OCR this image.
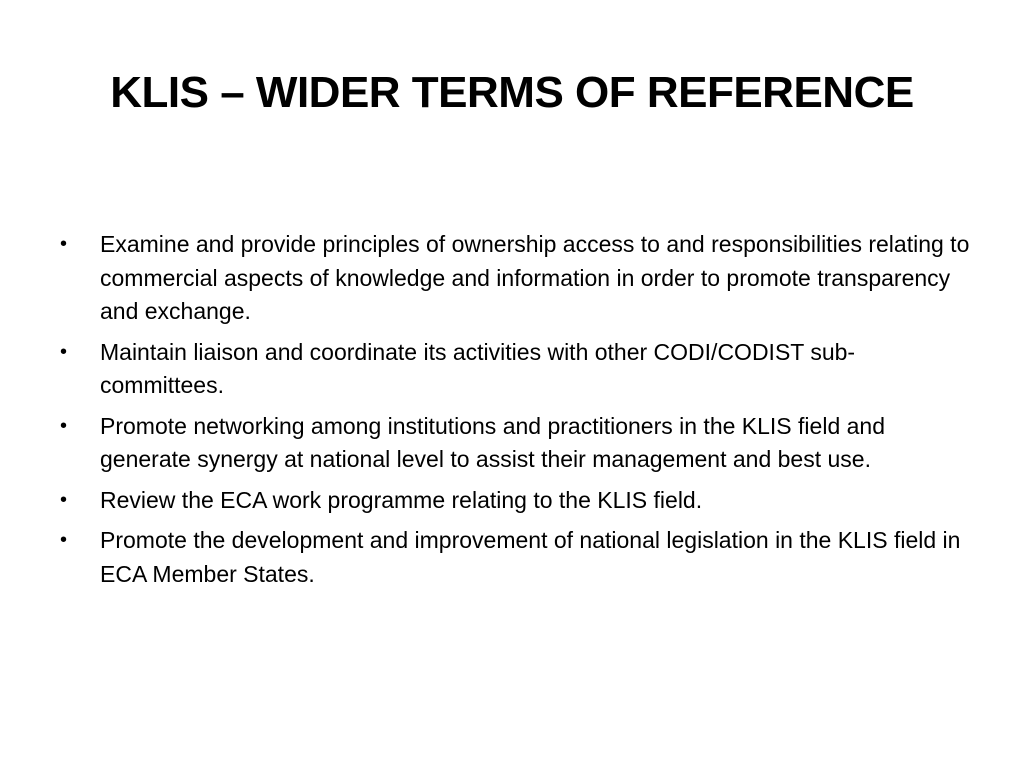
KLIS – WIDER TERMS OF REFERENCE
•	Examine and provide principles of ownership access to and responsibilities relating to commercial aspects of knowledge and information in order to promote transparency and exchange.
•	Maintain liaison and coordinate its activities with other CODI/CODIST sub-committees.
•	Promote networking among institutions and practitioners in the KLIS field and generate synergy at national level to assist their management and best use.
•	Review the ECA work programme relating to the KLIS field.
•	Promote the development and improvement of national legislation in the KLIS field in ECA Member States.
